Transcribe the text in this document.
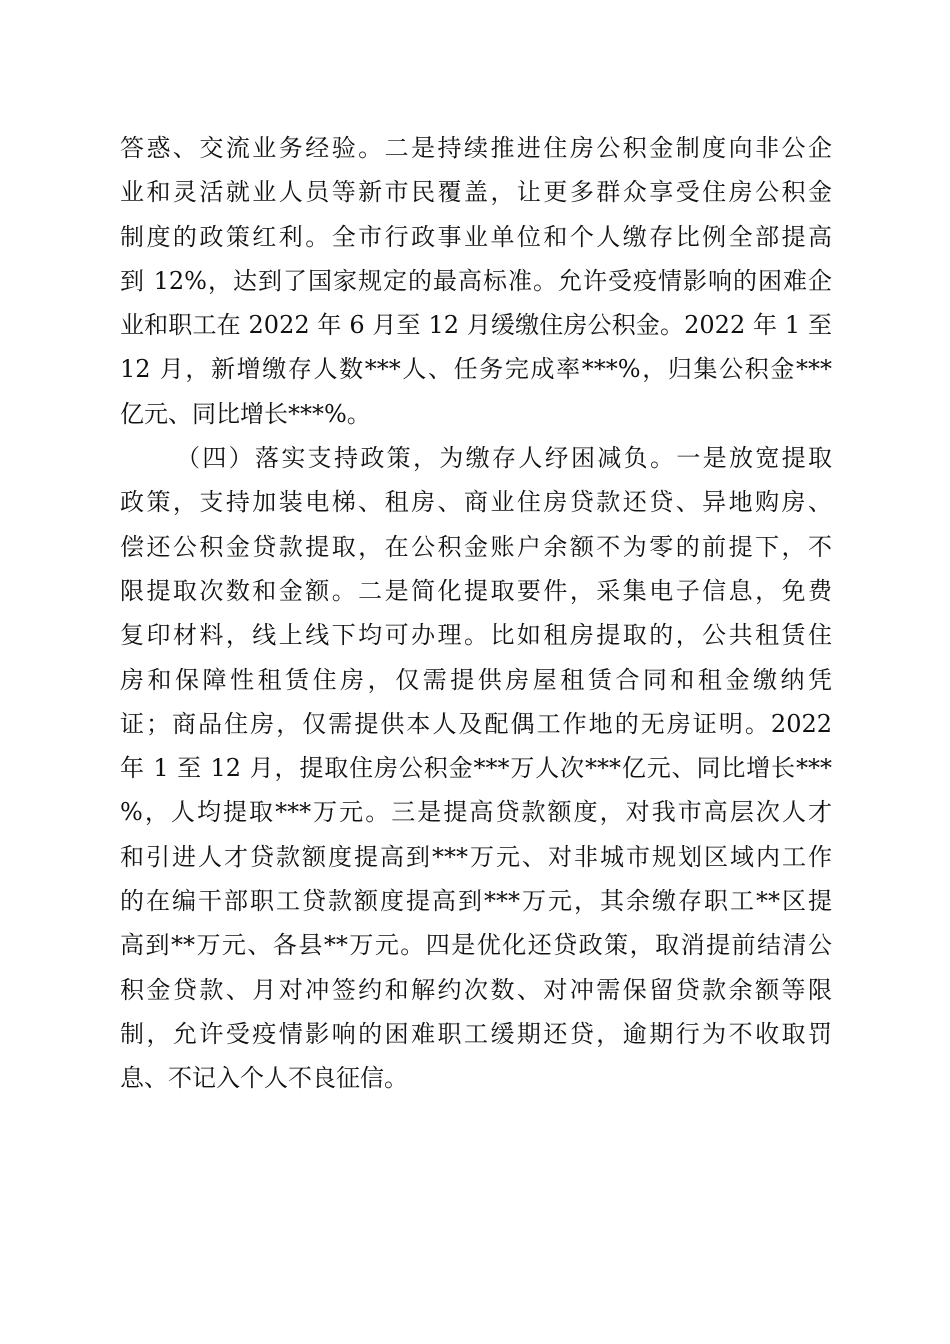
答惑、交流业务经验。二是持续推进住房公积金制度向非公企
业和灵活就业人员等新市民覆盖，让更多群众享受住房公积金
制度的政策红利。全市行政事业单位和个人缴存比例全部提高
到 12%，达到了国家规定的最高标准。允许受疫情影响的困难企
业和职工在 2022 年 6 月至 12 月缓缴住房公积金。2022 年 1 至
12 月，新增缴存人数***人、任务完成率***%，归集公积金***
亿元、同比增长***%。
（四）落实支持政策，为缴存人纾困减负。一是放宽提取
政策，支持加装电梯、租房、商业住房贷款还贷、异地购房、
偿还公积金贷款提取，在公积金账户余额不为零的前提下，不
限提取次数和金额。二是简化提取要件，采集电子信息，免费
复印材料，线上线下均可办理。比如租房提取的，公共租赁住
房和保障性租赁住房，仅需提供房屋租赁合同和租金缴纳凭
证；商品住房，仅需提供本人及配偶工作地的无房证明。2022
年 1 至 12 月，提取住房公积金***万人次***亿元、同比增长***
%，人均提取***万元。三是提高贷款额度，对我市高层次人才
和引进人才贷款额度提高到***万元、对非城市规划区域内工作
的在编干部职工贷款额度提高到***万元，其余缴存职工**区提
高到**万元、各县**万元。四是优化还贷政策，取消提前结清公
积金贷款、月对冲签约和解约次数、对冲需保留贷款余额等限
制，允许受疫情影响的困难职工缓期还贷，逾期行为不收取罚
息、不记入个人不良征信。
